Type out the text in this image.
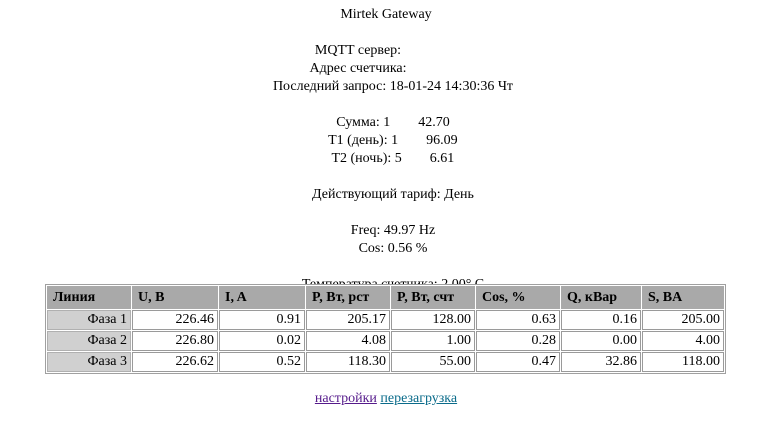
Mirtek Gateway

MQTT сервер:

Адрес счетчика:

Последний запрос: 18-01-24 14:30:36 Чт

Сумма: 1 42.70

T1 (день): 1 96.09

T2 (ночь): 5 6.61

Действующий тариф: День

Freq: 49.97 Hz

Cos: 0.56 %

Линия	U, B	I, A	P, Вт, рст	P, Вт, счт	Cos, %	Q, кВар	S, BA
Фаза 1	226.46	0.91	205.17	128.00	0.63	0.16	205.00
Фаза 2	226.80	0.02	4.08	1.00	0.28	0.00	4.00
Фаза 3	226.62	0.52	118.30	55.00	0.47	32.86	118.00
настройки перезагрузка
